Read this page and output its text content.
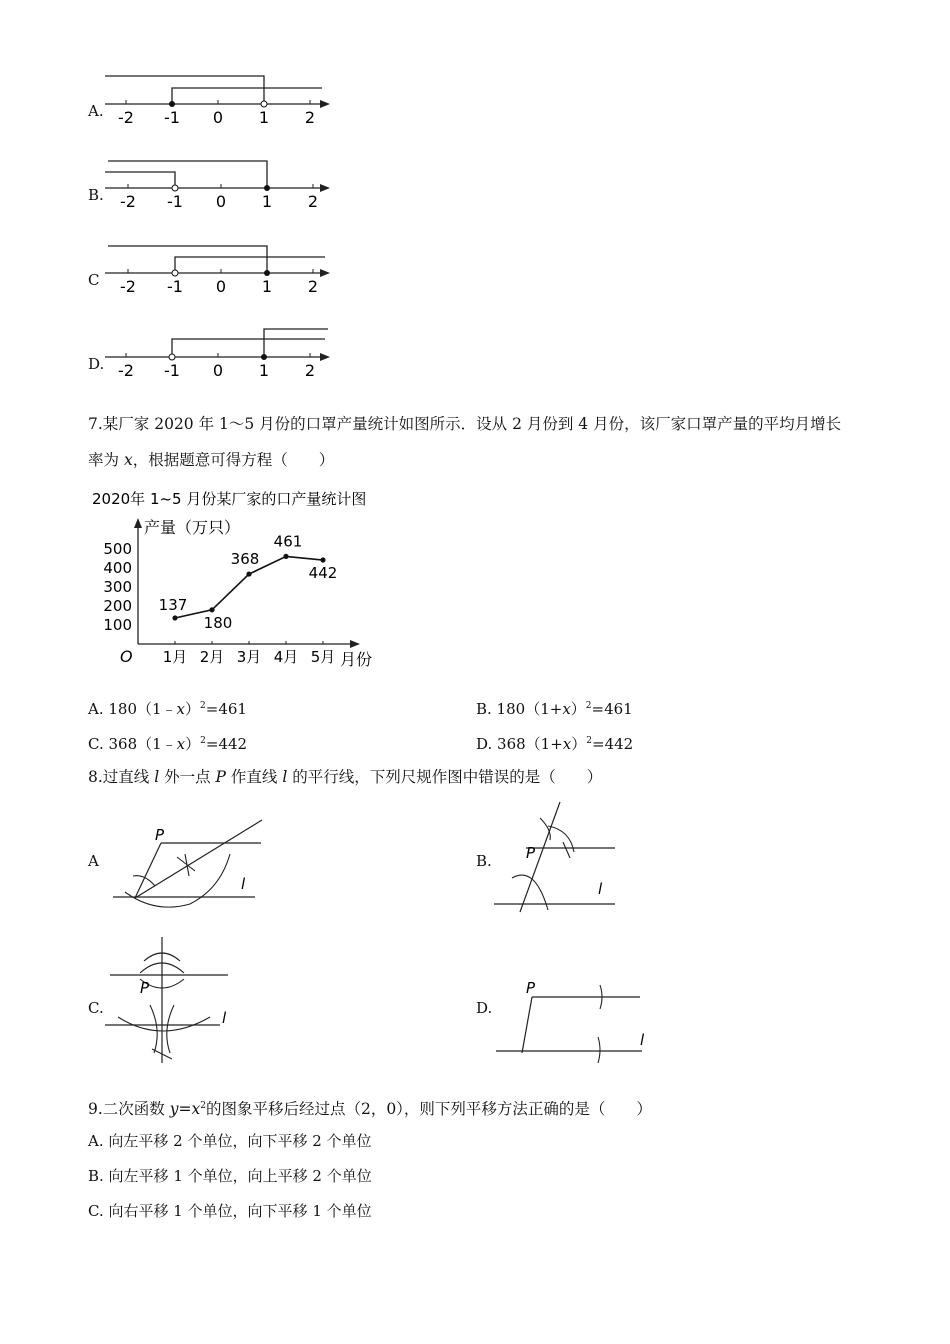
A. -2 -1 0 1 2
B. -2 -1 0 1 2
C -2 -1 0 1 2
D. -2 -1 0 1 2
7.某厂家 2020 年 1～5 月份的口罩产量统计如图所示．设从 2 月份到 4 月份，该厂家口罩产量的平均月增长
率为 x，根据题意可得方程（　　）
2020年 1~5 月份某厂家的口产量统计图
产量（万只）
月份
O
100
200
300
400
500
1月 2月 3月 4月 5月
137
180
368
461
442
A. 180（1﹣x）$^2$=461	B. $180(1+x)^2=461$
C. 368（1﹣x）$^2$=442	D. $368(1+x)^2=442$
8.过直线 l 外一点 P 作直线 l 的平行线，下列尺规作图中错误的是（　　）
A
P
l
B. P
l
C.
P
l
D.
P
l
9.二次函数 $y=x^2$的图象平移后经过点（2，0），则下列平移方法正确的是（　　）
A. 向左平移 2 个单位，向下平移 2 个单位
B. 向左平移 1 个单位，向上平移 2 个单位
C. 向右平移 1 个单位，向下平移 1 个单位
